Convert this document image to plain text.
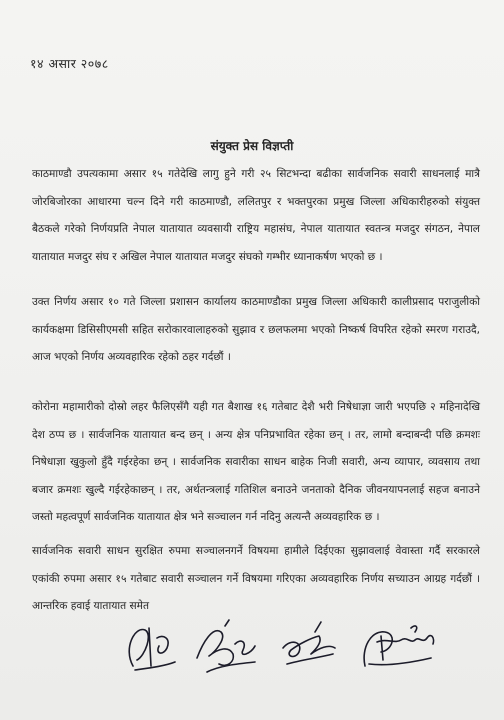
१४ असार २०७८
संयुक्त प्रेस विज्ञप्ती

काठमाण्डौ उपत्यकामा असार १५ गतेदेखि लागु हुने गरी २५ सिटभन्दा बढीका सार्वजनिक सवारी साधनलाई मात्रै जोरबिजोरका आधारमा चल्न दिने गरी काठमाण्डौ, ललितपुर र भक्तपुरका प्रमुख जिल्ला अधिकारीहरुको संयुक्त बैठकले गरेको निर्णयप्रति नेपाल यातायात व्यवसायी राष्ट्रिय महासंघ, नेपाल यातायात स्वतन्त्र मजदुर संगठन, नेपाल यातायात मजदुर संघ र अखिल नेपाल यातायात मजदुर संघको गम्भीर ध्यानाकर्षण भएको छ ।

उक्त निर्णय असार १० गते जिल्ला प्रशासन कार्यालय काठमाण्डौका प्रमुख जिल्ला अधिकारी कालीप्रसाद पराजुलीको कार्यकक्षमा डिसिसीएमसी सहित सरोकारवालाहरुको सुझाव र छलफलमा भएको निष्कर्ष विपरित रहेको स्मरण गराउदै, आज भएको निर्णय अव्यवहारिक रहेको ठहर गर्दछौं ।

कोरोना महामारीको दोस्रो लहर फैलिएसँगै यही गत बैशाख १६ गतेबाट देशै भरी निषेधाज्ञा जारी भएपछि २ महिनादेखि देश ठप्प छ । सार्वजनिक यातायात बन्द छन् । अन्य क्षेत्र पनिप्रभावित रहेका छन् । तर, लामो बन्दाबन्दी पछि क्रमशः निषेधाज्ञा खुकुलो हुँदै गईरहेका छन् । सार्वजनिक सवारीका साधन बाहेक निजी सवारी, अन्य व्यापार, व्यवसाय तथा बजार क्रमशः खुल्दै गईरहेकाछन् । तर, अर्थतन्त्रलाई गतिशिल बनाउने जनताको दैनिक जीवनयापनलाई सहज बनाउने जस्तो महत्वपूर्ण सार्वजनिक यातायात क्षेत्र भने सञ्चालन गर्न नदिनु अत्यन्तै अव्यवहारिक छ ।

सार्वजनिक सवारी साधन सुरक्षित रुपमा सञ्चालनगर्ने विषयमा हामीले दिईएका सुझावलाई वेवास्ता गर्दै सरकारले एकांकी रुपमा असार १५ गतेबाट सवारी सञ्चालन गर्ने विषयमा गरिएका अव्यवहारिक निर्णय सच्याउन आग्रह गर्दछौं । आन्तरिक हवाई यातायात समेत
